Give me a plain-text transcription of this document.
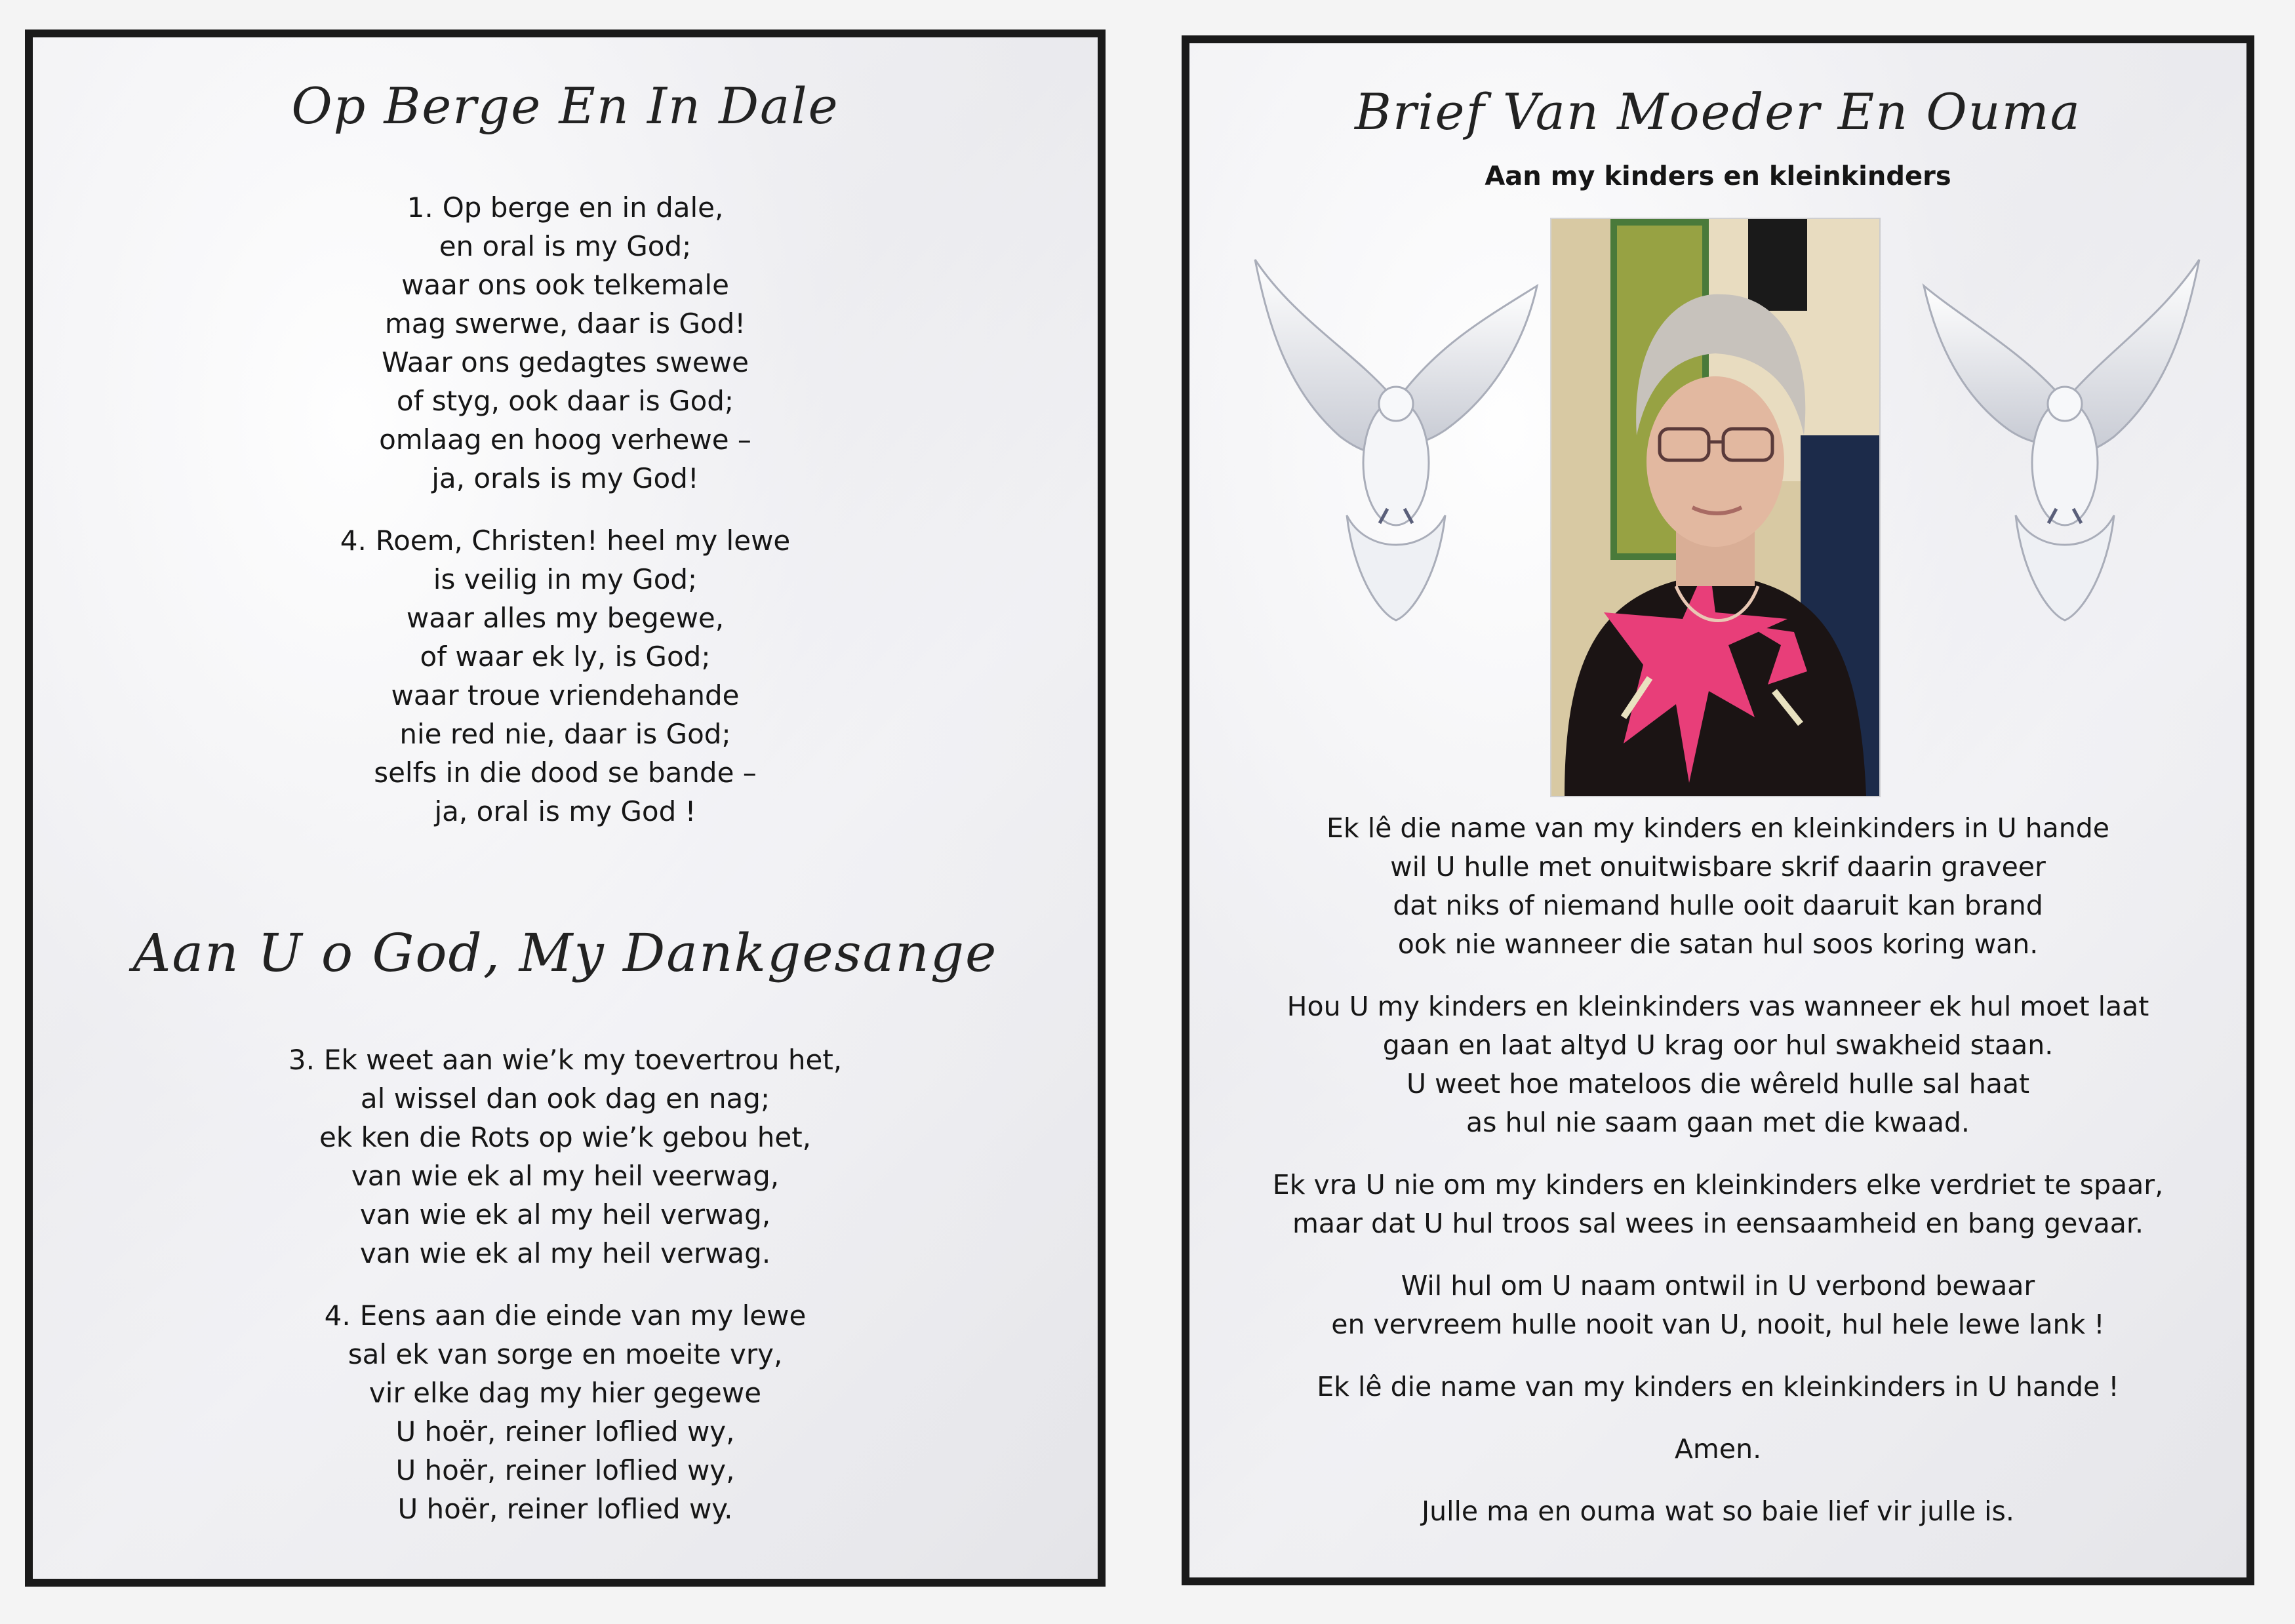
Op Berge En In Dale
1. Op berge en in dale,
en oral is my God;
waar ons ook telkemale
mag swerwe, daar is God!
Waar ons gedagtes swewe
of styg, ook daar is God;
omlaag en hoog verhewe –
ja, orals is my God!
4. Roem, Christen! heel my lewe
is veilig in my God;
waar alles my begewe,
of waar ek ly, is God;
waar troue vriendehande
nie red nie, daar is God;
selfs in die dood se bande –
ja, oral is my God !
Aan U o God, My Dankgesange
3. Ek weet aan wie’k my toevertrou het,
al wissel dan ook dag en nag;
ek ken die Rots op wie’k gebou het,
van wie ek al my heil veerwag,
van wie ek al my heil verwag,
van wie ek al my heil verwag.
4. Eens aan die einde van my lewe
sal ek van sorge en moeite vry,
vir elke dag my hier gegewe
U hoër, reiner loflied wy,
U hoër, reiner loflied wy,
U hoër, reiner loflied wy.
Brief Van Moeder En Ouma
Aan my kinders en kleinkinders
Ek lê die name van my kinders en kleinkinders in U hande
wil U hulle met onuitwisbare skrif daarin graveer
dat niks of niemand hulle ooit daaruit kan brand
ook nie wanneer die satan hul soos koring wan.
Hou U my kinders en kleinkinders vas wanneer ek hul moet laat
gaan en laat altyd U krag oor hul swakheid staan.
U weet hoe mateloos die wêreld hulle sal haat
as hul nie saam gaan met die kwaad.
Ek vra U nie om my kinders en kleinkinders elke verdriet te spaar,
maar dat U hul troos sal wees in eensaamheid en bang gevaar.
Wil hul om U naam ontwil in U verbond bewaar
en vervreem hulle nooit van U, nooit, hul hele lewe lank !
Ek lê die name van my kinders en kleinkinders in U hande !
Amen.
Julle ma en ouma wat so baie lief vir julle is.
